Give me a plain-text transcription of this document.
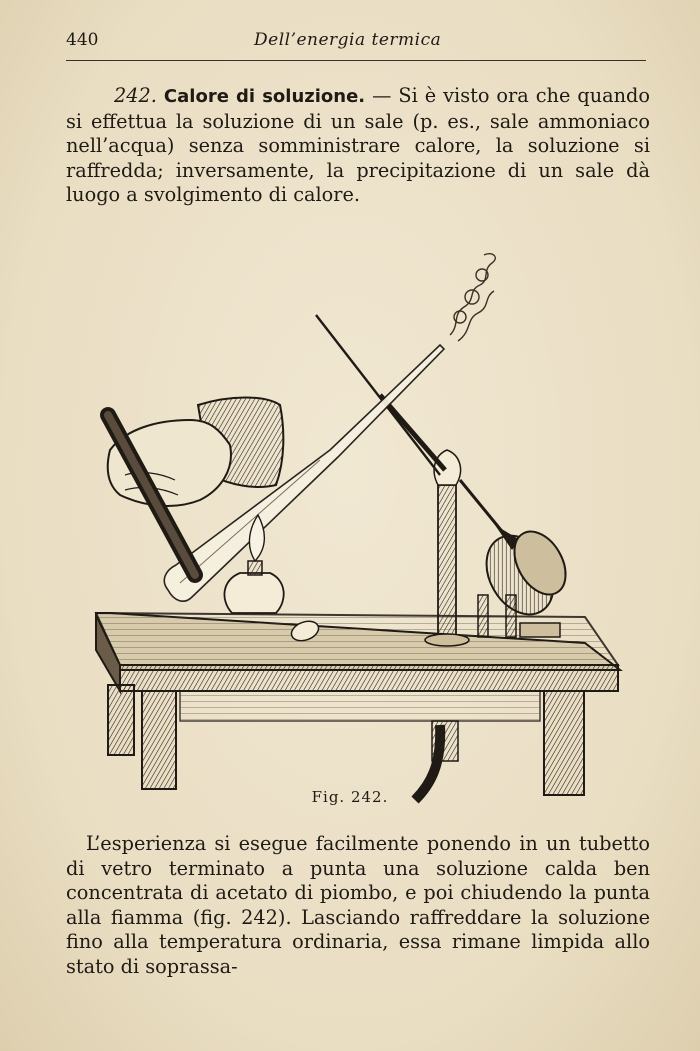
440	Dell’energia termica

242. Calore di soluzione. — Si è visto ora che quando si effettua la soluzione di un sale (p. es., sale ammoniaco nell’acqua) senza somministrare calore, la soluzione si raffredda; inversamente, la precipitazione di un sale dà luogo a svolgimento di calore.

Fig. 242.

L’esperienza si esegue facilmente ponendo in un tubetto di vetro terminato a punta una soluzione calda ben concentrata di acetato di piombo, e poi chiudendo la punta alla fiamma (fig. 242). Lasciando raffreddare la soluzione fino alla temperatura ordinaria, essa rimane limpida allo stato di soprassa-
